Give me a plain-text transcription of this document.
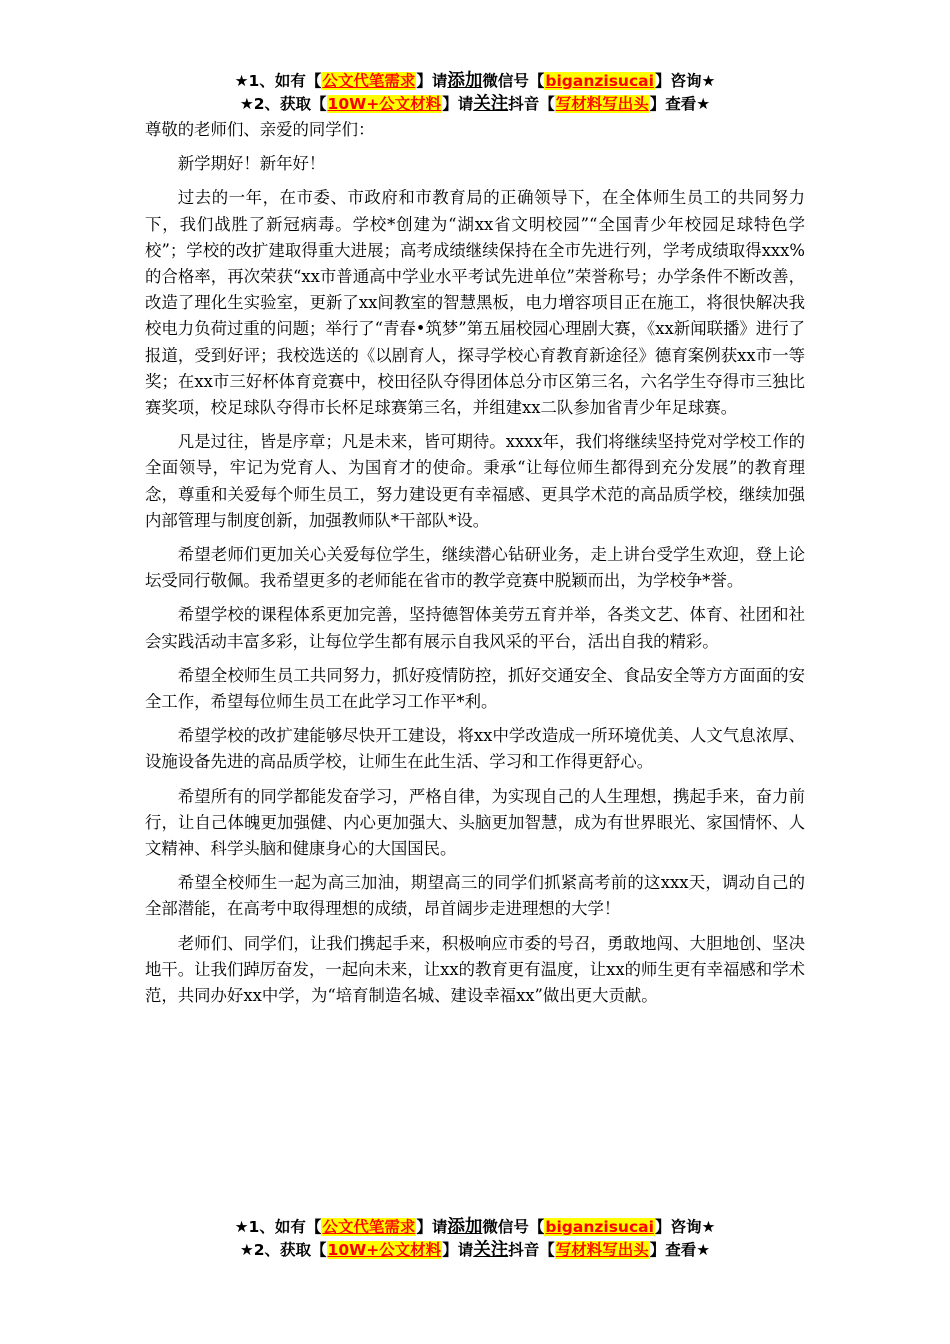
★1、如有【公文代笔需求】请添加微信号【biganzisucai】咨询★
★2、获取【10W+公文材料】请关注抖音【写材料写出头】查看★

尊敬的老师们、亲爱的同学们：

新学期好！新年好！

过去的一年，在市委、市政府和市教育局的正确领导下，在全体师生员工的共同努力下，我们战胜了新冠病毒。学校*创建为“湖xx省文明校园”“全国青少年校园足球特色学校”；学校的改扩建取得重大进展；高考成绩继续保持在全市先进行列，学考成绩取得xxx%的合格率，再次荣获“xx市普通高中学业水平考试先进单位”荣誉称号；办学条件不断改善，改造了理化生实验室，更新了xx间教室的智慧黑板，电力增容项目正在施工，将很快解决我校电力负荷过重的问题；举行了“青春•筑梦”第五届校园心理剧大赛，《xx新闻联播》进行了报道，受到好评；我校选送的《以剧育人，探寻学校心育教育新途径》德育案例获xx市一等奖；在xx市三好杯体育竞赛中，校田径队夺得团体总分市区第三名，六名学生夺得市三独比赛奖项，校足球队夺得市长杯足球赛第三名，并组建xx二队参加省青少年足球赛。

凡是过往，皆是序章；凡是未来，皆可期待。xxxx年，我们将继续坚持党对学校工作的全面领导，牢记为党育人、为国育才的使命。秉承“让每位师生都得到充分发展”的教育理念，尊重和关爱每个师生员工，努力建设更有幸福感、更具学术范的高品质学校，继续加强内部管理与制度创新，加强教师队*干部队*设。

希望老师们更加关心关爱每位学生，继续潜心钻研业务，走上讲台受学生欢迎，登上论坛受同行敬佩。我希望更多的老师能在省市的教学竞赛中脱颖而出，为学校争*誉。

希望学校的课程体系更加完善，坚持德智体美劳五育并举，各类文艺、体育、社团和社会实践活动丰富多彩，让每位学生都有展示自我风采的平台，活出自我的精彩。

希望全校师生员工共同努力，抓好疫情防控，抓好交通安全、食品安全等方方面面的安全工作，希望每位师生员工在此学习工作平*利。

希望学校的改扩建能够尽快开工建设，将xx中学改造成一所环境优美、人文气息浓厚、设施设备先进的高品质学校，让师生在此生活、学习和工作得更舒心。

希望所有的同学都能发奋学习，严格自律，为实现自己的人生理想，携起手来，奋力前行，让自己体魄更加强健、内心更加强大、头脑更加智慧，成为有世界眼光、家国情怀、人文精神、科学头脑和健康身心的大国国民。

希望全校师生一起为高三加油，期望高三的同学们抓紧高考前的这xxx天，调动自己的全部潜能，在高考中取得理想的成绩，昂首阔步走进理想的大学！

老师们、同学们，让我们携起手来，积极响应市委的号召，勇敢地闯、大胆地创、坚决地干。让我们踔厉奋发，一起向未来，让xx的教育更有温度，让xx的师生更有幸福感和学术范，共同办好xx中学，为“培育制造名城、建设幸福xx”做出更大贡献。

★1、如有【公文代笔需求】请添加微信号【biganzisucai】咨询★
★2、获取【10W+公文材料】请关注抖音【写材料写出头】查看★
